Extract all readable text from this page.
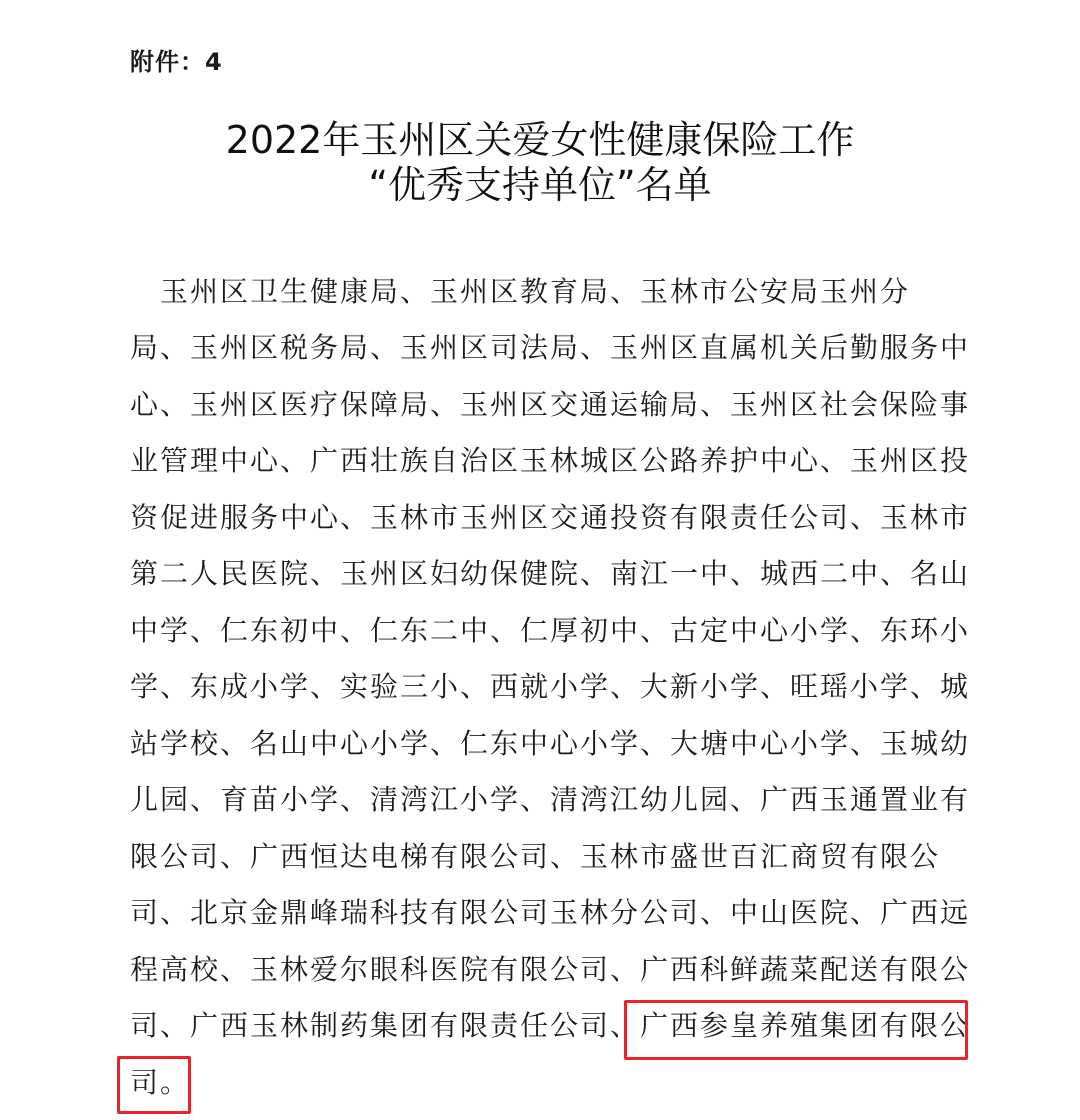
附件：4
2022年玉州区关爱女性健康保险工作
“优秀支持单位”名单
　玉州区卫生健康局、玉州区教育局、玉林市公安局玉州分
局、玉州区税务局、玉州区司法局、玉州区直属机关后勤服务中
心、玉州区医疗保障局、玉州区交通运输局、玉州区社会保险事
业管理中心、广西壮族自治区玉林城区公路养护中心、玉州区投
资促进服务中心、玉林市玉州区交通投资有限责任公司、玉林市
第二人民医院、玉州区妇幼保健院、南江一中、城西二中、名山
中学、仁东初中、仁东二中、仁厚初中、古定中心小学、东环小
学、东成小学、实验三小、西就小学、大新小学、旺瑶小学、城
站学校、名山中心小学、仁东中心小学、大塘中心小学、玉城幼
儿园、育苗小学、清湾江小学、清湾江幼儿园、广西玉通置业有
限公司、广西恒达电梯有限公司、玉林市盛世百汇商贸有限公
司、北京金鼎峰瑞科技有限公司玉林分公司、中山医院、广西远
程高校、玉林爱尔眼科医院有限公司、广西科鲜蔬菜配送有限公
司、广西玉林制药集团有限责任公司、广西参皇养殖集团有限公
司。
